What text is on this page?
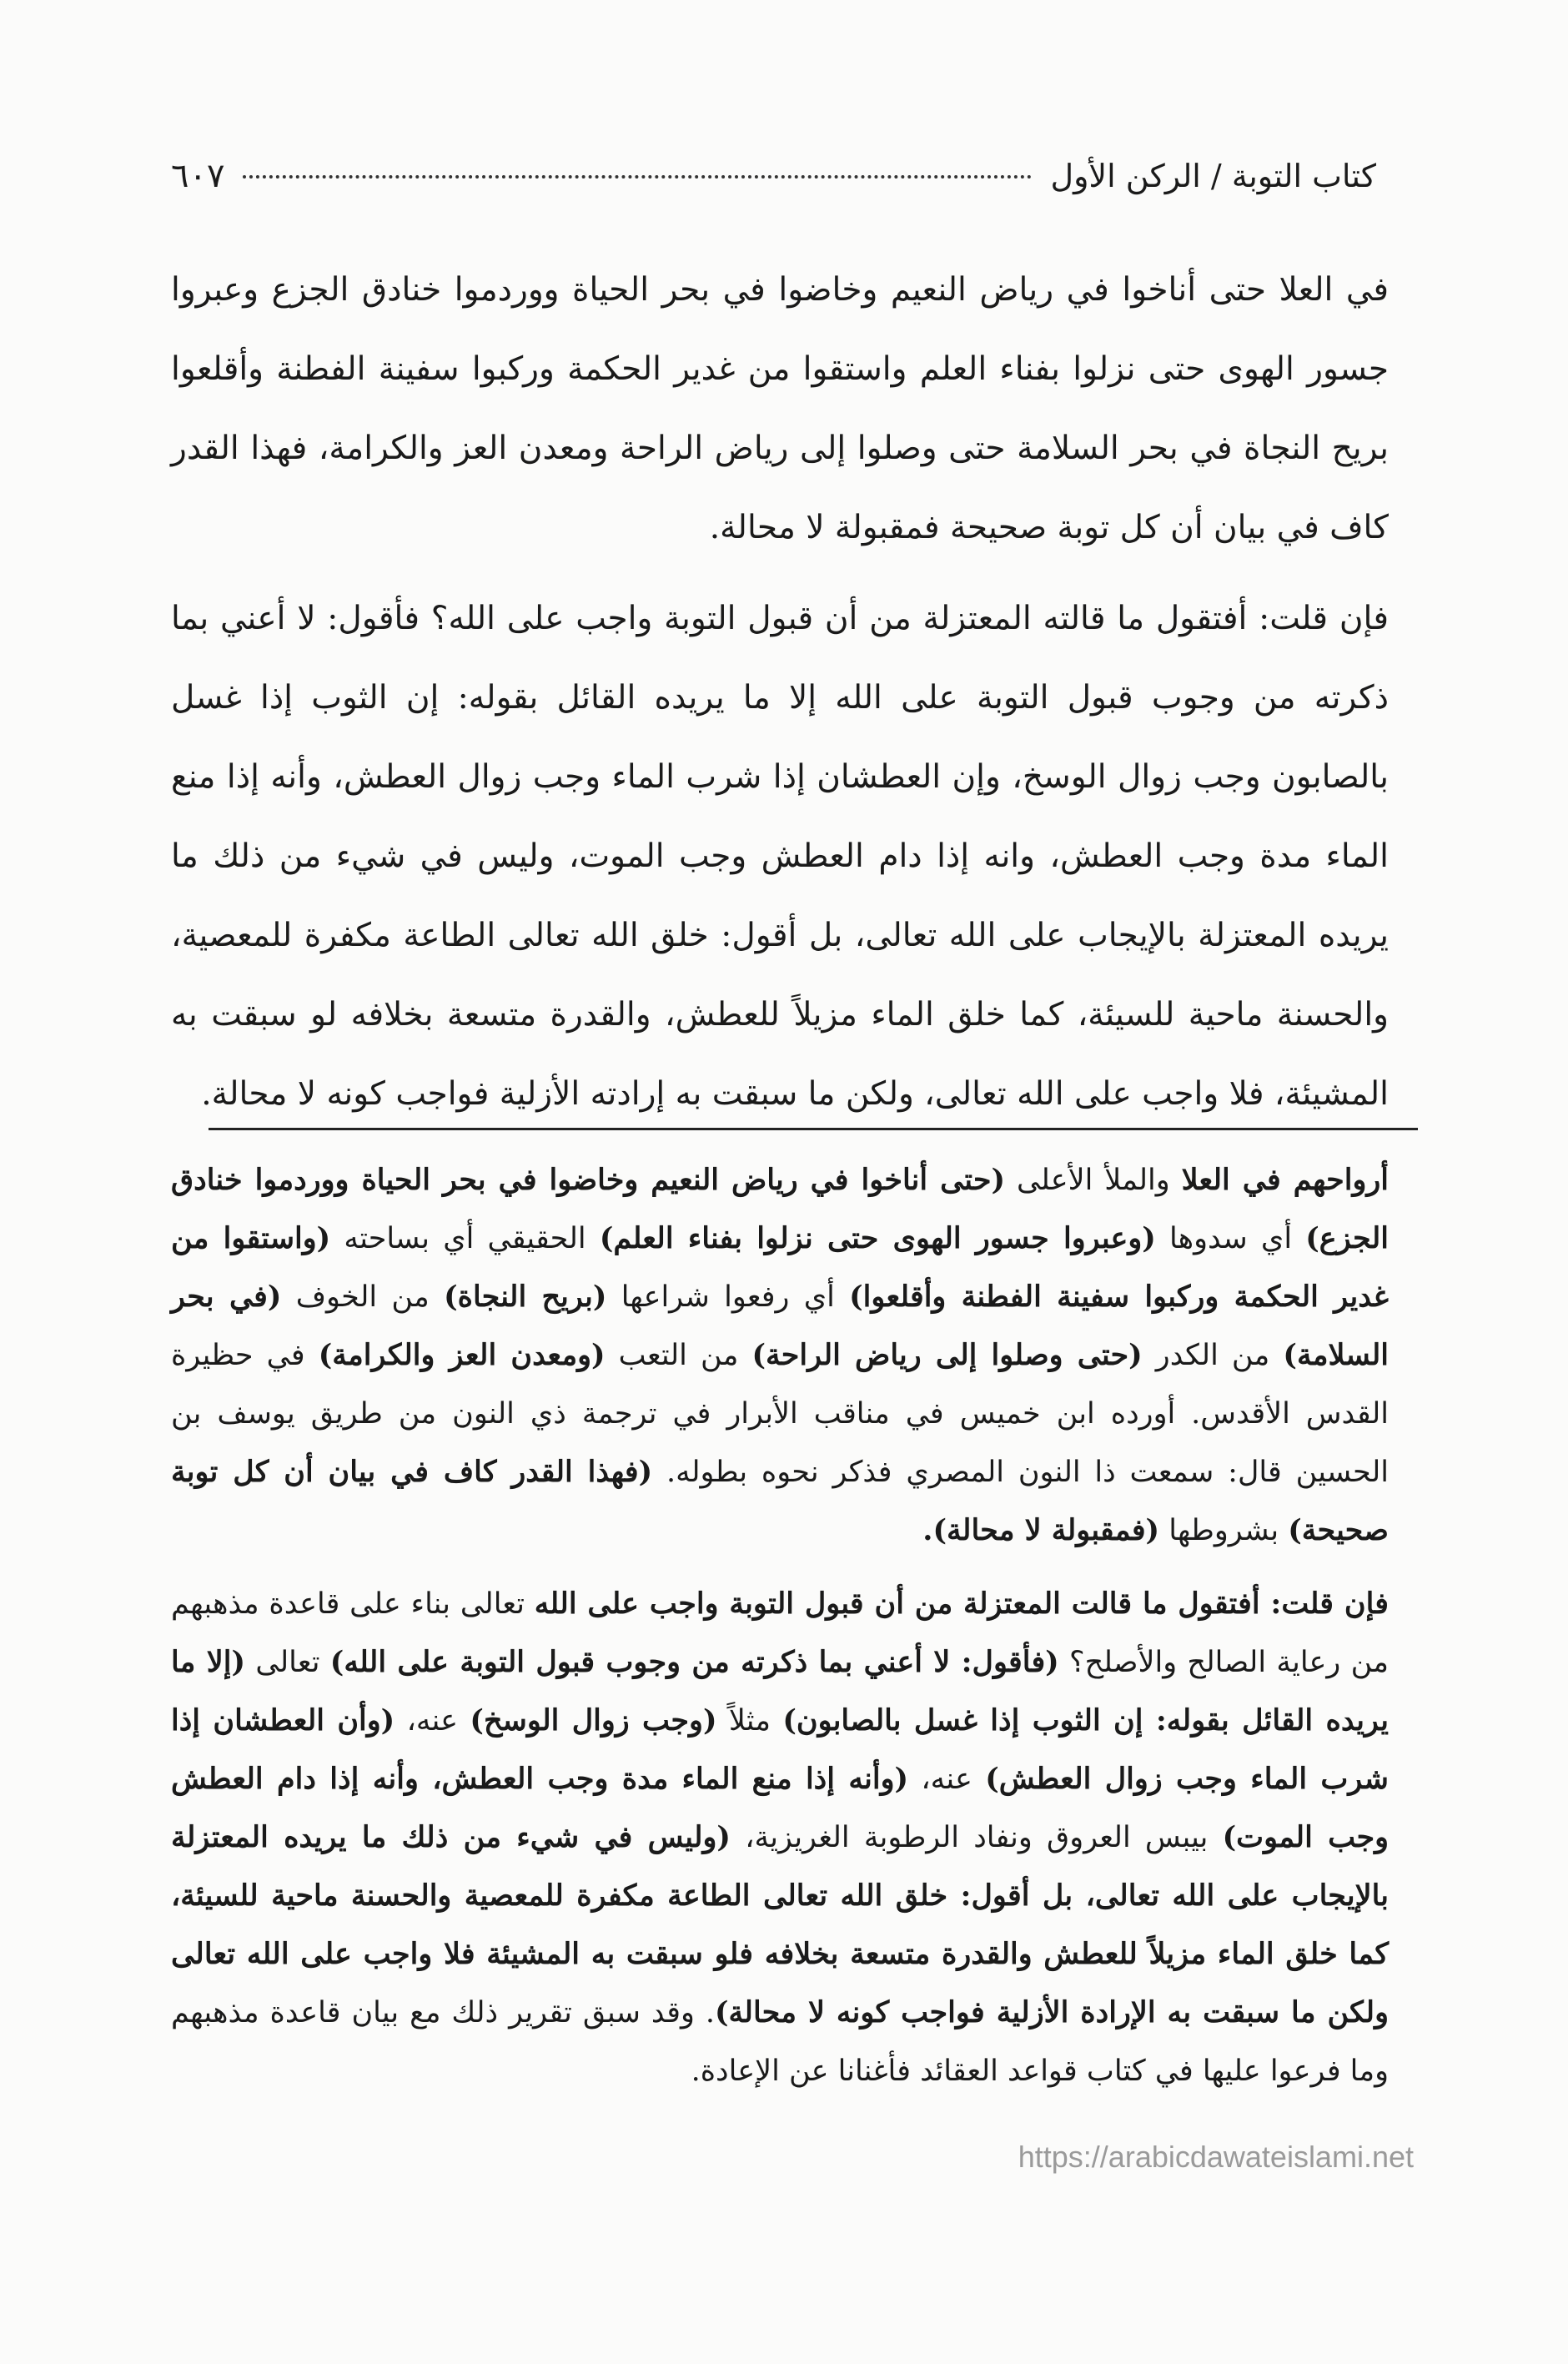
كتاب التوبة / الركن الأول
٦٠٧

في العلا حتى أناخوا في رياض النعيم وخاضوا في بحر الحياة ووردموا خنادق الجزع وعبروا جسور الهوى حتى نزلوا بفناء العلم واستقوا من غدير الحكمة وركبوا سفينة الفطنة وأقلعوا بريح النجاة في بحر السلامة حتى وصلوا إلى رياض الراحة ومعدن العز والكرامة، فهذا القدر كاف في بيان أن كل توبة صحيحة فمقبولة لا محالة.

فإن قلت: أفتقول ما قالته المعتزلة من أن قبول التوبة واجب على الله؟ فأقول: لا أعني بما ذكرته من وجوب قبول التوبة على الله إلا ما يريده القائل بقوله: إن الثوب إذا غسل بالصابون وجب زوال الوسخ، وإن العطشان إذا شرب الماء وجب زوال العطش، وأنه إذا منع الماء مدة وجب العطش، وانه إذا دام العطش وجب الموت، وليس في شيء من ذلك ما يريده المعتزلة بالإيجاب على الله تعالى، بل أقول: خلق الله تعالى الطاعة مكفرة للمعصية، والحسنة ماحية للسيئة، كما خلق الماء مزيلاً للعطش، والقدرة متسعة بخلافه لو سبقت به المشيئة، فلا واجب على الله تعالى، ولكن ما سبقت به إرادته الأزلية فواجب كونه لا محالة.

أرواحهم في العلا والملأ الأعلى (حتى أناخوا في رياض النعيم وخاضوا في بحر الحياة ووردموا خنادق الجزع) أي سدوها (وعبروا جسور الهوى حتى نزلوا بفناء العلم) الحقيقي أي بساحته (واستقوا من غدير الحكمة وركبوا سفينة الفطنة وأقلعوا) أي رفعوا شراعها (بريح النجاة) من الخوف (في بحر السلامة) من الكدر (حتى وصلوا إلى رياض الراحة) من التعب (ومعدن العز والكرامة) في حظيرة القدس الأقدس. أورده ابن خميس في مناقب الأبرار في ترجمة ذي النون من طريق يوسف بن الحسين قال: سمعت ذا النون المصري فذكر نحوه بطوله. (فهذا القدر كاف في بيان أن كل توبة صحيحة) بشروطها (فمقبولة لا محالة).

فإن قلت: أفتقول ما قالت المعتزلة من أن قبول التوبة واجب على الله تعالى بناء على قاعدة مذهبهم من رعاية الصالح والأصلح؟ (فأقول: لا أعني بما ذكرته من وجوب قبول التوبة على الله) تعالى (إلا ما يريده القائل بقوله: إن الثوب إذا غسل بالصابون) مثلاً (وجب زوال الوسخ) عنه، (وأن العطشان إذا شرب الماء وجب زوال العطش) عنه، (وأنه إذا منع الماء مدة وجب العطش، وأنه إذا دام العطش وجب الموت) بيبس العروق ونفاد الرطوبة الغريزية، (وليس في شيء من ذلك ما يريده المعتزلة بالإيجاب على الله تعالى، بل أقول: خلق الله تعالى الطاعة مكفرة للمعصية والحسنة ماحية للسيئة، كما خلق الماء مزيلاً للعطش والقدرة متسعة بخلافه فلو سبقت به المشيئة فلا واجب على الله تعالى ولكن ما سبقت به الإرادة الأزلية فواجب كونه لا محالة). وقد سبق تقرير ذلك مع بيان قاعدة مذهبهم وما فرعوا عليها في كتاب قواعد العقائد فأغنانا عن الإعادة.

https://arabicdawateislami.net
